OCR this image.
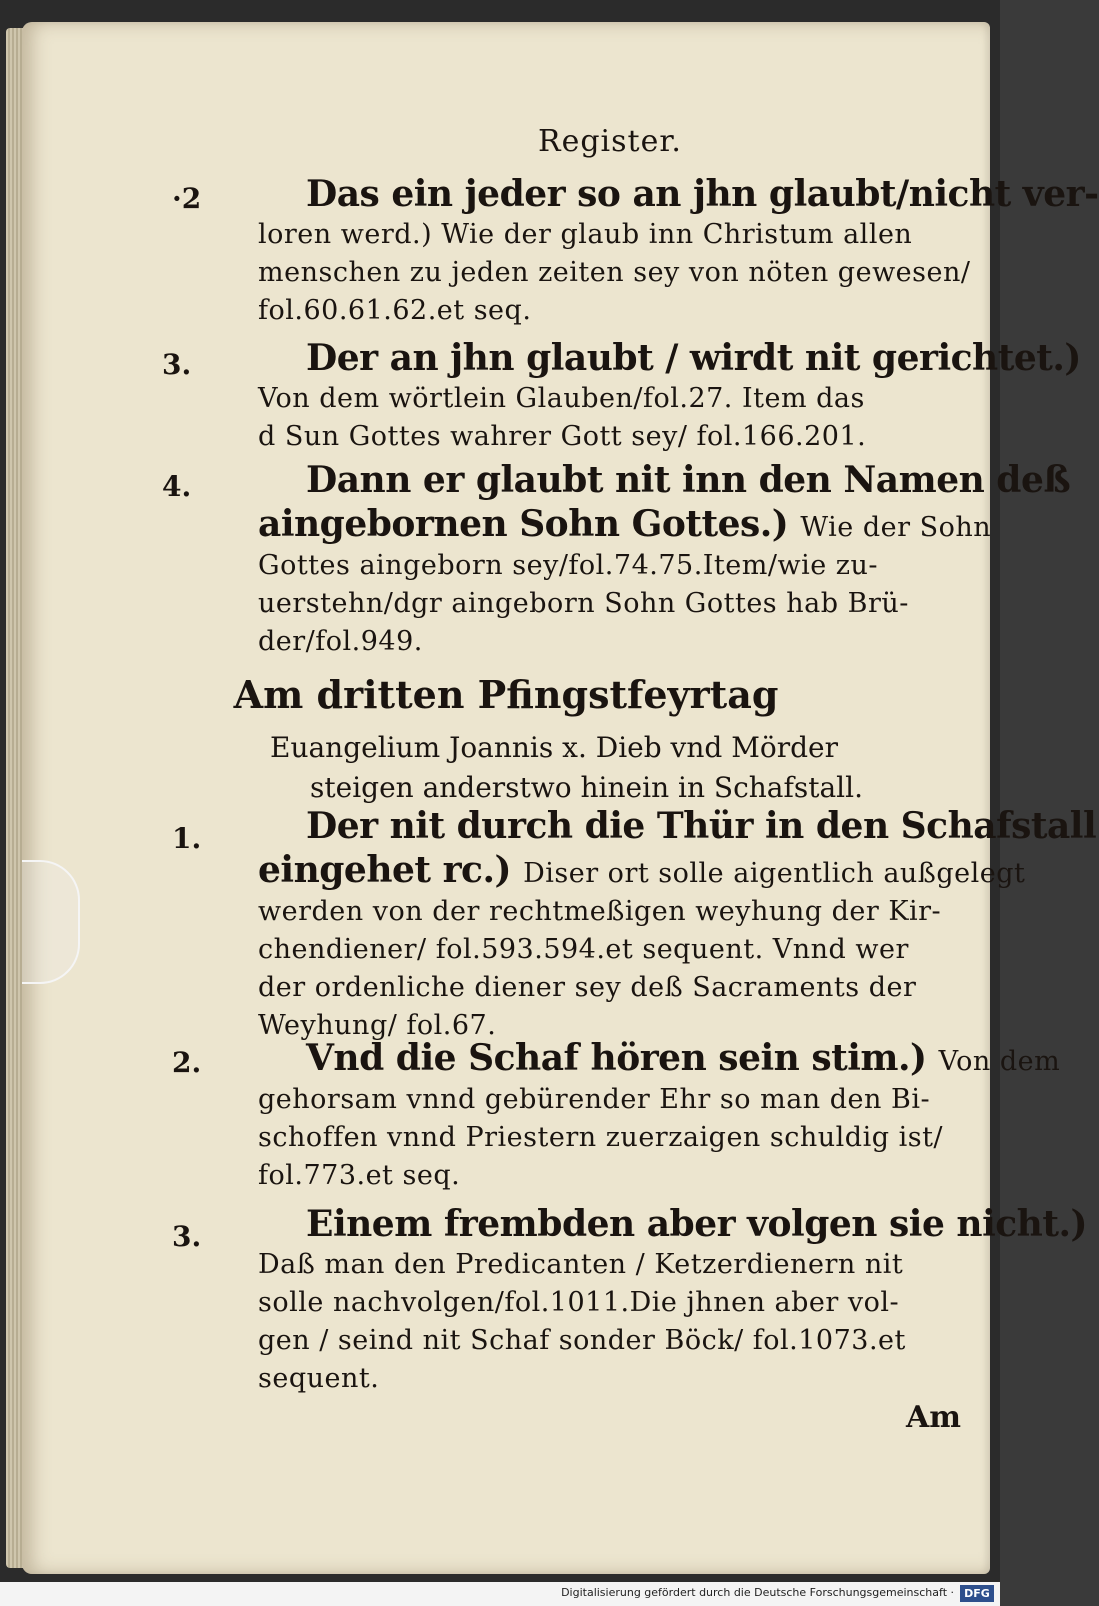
Register.
·2	Das ein jeder so an jhn glaubt/nicht ver-
loren werd.) Wie der glaub inn Christum allen
menschen zu jeden zeiten sey von nöten gewesen/
fol.60.61.62.et seq.
3.	Der an jhn glaubt / wirdt nit gerichtet.)
Von dem wörtlein Glauben/fol.27. Item das
d Sun Gottes wahrer Gott sey/ fol.166.201.
4.	Dann er glaubt nit inn den Namen deß
aingebornen Sohn Gottes.) Wie der Sohn
Gottes aingeborn sey/fol.74.75.Item/wie zu-
uerstehn/dgr aingeborn Sohn Gottes hab Brü-
der/fol.949.
Am dritten Pfingstfeyrtag
Euangelium Joannis x. Dieb vnd Mörder
steigen anderstwo hinein in Schafstall.
1.	Der nit durch die Thür in den Schafstall
eingehet rc.) Diser ort solle aigentlich außgelegt
werden von der rechtmeßigen weyhung der Kir-
chendiener/ fol.593.594.et sequent. Vnnd wer
der ordenliche diener sey deß Sacraments der
Weyhung/ fol.67.
2.	Vnd die Schaf hören sein stim.) Von dem
gehorsam vnnd gebürender Ehr so man den Bi-
schoffen vnnd Priestern zuerzaigen schuldig ist/
fol.773.et seq.
3.	Einem frembden aber volgen sie nicht.)
Daß man den Predicanten / Ketzerdienern nit
solle nachvolgen/fol.1011.Die jhnen aber vol-
gen / seind nit Schaf sonder Böck/ fol.1073.et
sequent.
Am
Digitalisierung gefördert durch die Deutsche Forschungsgemeinschaft · DFG
